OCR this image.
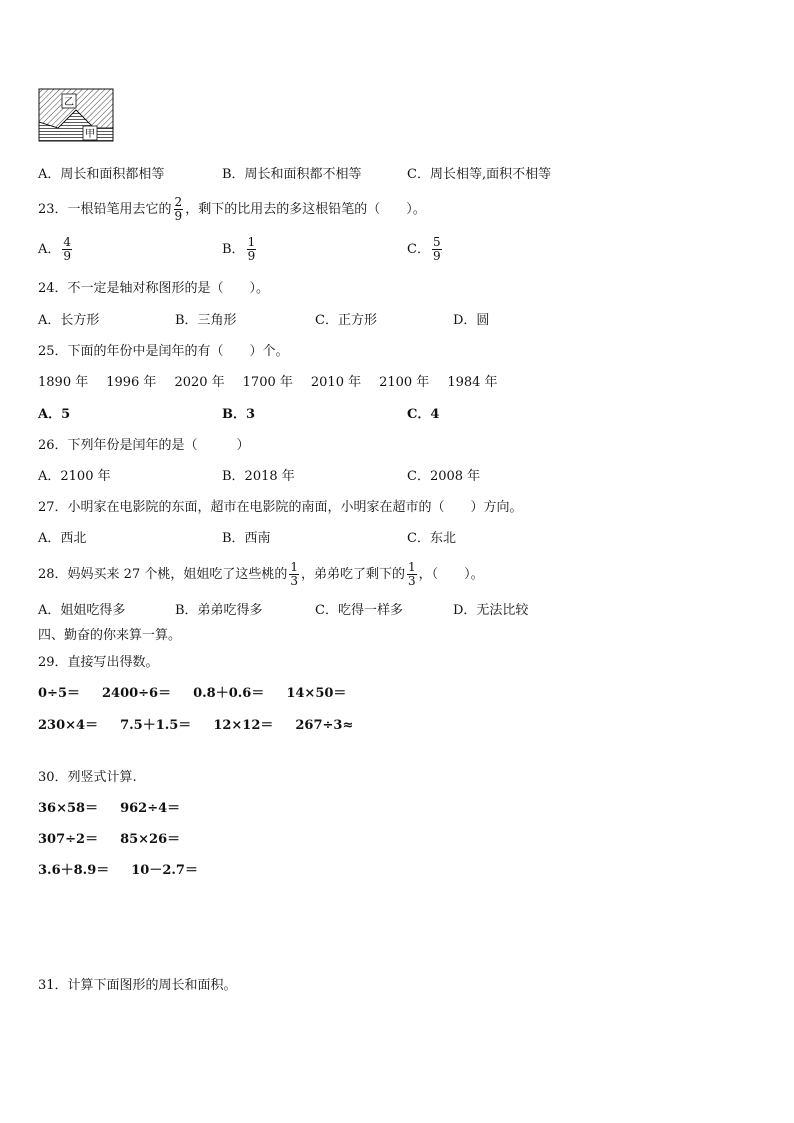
乙
甲
A．周长和面积都相等	B．周长和面积都不相等	C．周长相等,面积不相等
23．一根铅笔用去它的 $\frac{2}{9}$ ，剩下的比用去的多这根铅笔的（　　）。
A． $\frac{4}{9}$	B． $\frac{1}{9}$	C． $\frac{5}{9}$
24．不一定是轴对称图形的是（　　）。
A．长方形	B．三角形	C．正方形	D．圆
25．下面的年份中是闰年的有（　　）个。
1890 年 1996 年 2020 年 1700 年 2010 年 2100 年 1984 年
A．5	B．3	C．4
26．下列年份是闰年的是（　　　）
A．2100 年	B．2018 年	C．2008 年
27．小明家在电影院的东面，超市在电影院的南面，小明家在超市的（　　）方向。
A．西北	B．西南	C．东北
28．妈妈买来 27 个桃，姐姐吃了这些桃的 $\frac{1}{3}$ ，弟弟吃了剩下的 $\frac{1}{3}$ ，（　　）。
A．姐姐吃得多	B．弟弟吃得多	C．吃得一样多	D．无法比较
四、勤奋的你来算一算。
29．直接写出得数。
0÷5＝ 2400÷6＝ 0.8＋0.6＝ 14×50＝
230×4＝ 7.5＋1.5＝ 12×12＝ 267÷3≈
30．列竖式计算.
36×58＝ 962÷4＝
307÷2＝ 85×26＝
3.6＋8.9＝ 10－2.7＝
31．计算下面图形的周长和面积。
